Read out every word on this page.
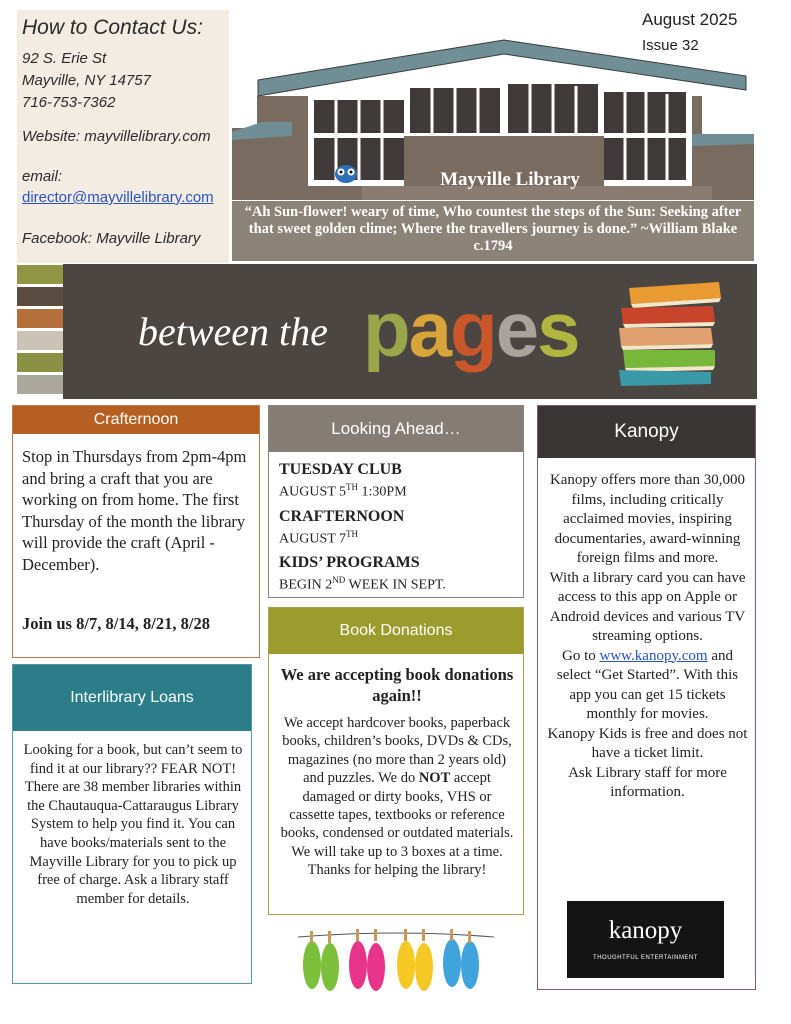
How to Contact Us:
92 S. Erie St
Mayville, NY 14757
716-753-7362
Website: mayvillelibrary.com
email:
director@mayvillelibrary.com
Facebook: Mayville Library
August 2025
Issue 32
Mayville Library
“Ah Sun-flower! weary of time, Who countest the steps of the Sun: Seeking after that sweet golden clime; Where the travellers journey is done.” ~William Blake c.1794
between the pages
Crafternoon
Stop in Thursdays from 2pm-4pm and bring a craft that you are working on from home. The first Thursday of the month the library will provide the craft (April - December).
Join us 8/7, 8/14, 8/21, 8/28
Interlibrary Loans
Looking for a book, but can’t seem to find it at our library?? FEAR NOT! There are 38 member libraries within the Chautauqua-Cattaraugus Library System to help you find it. You can have books/materials sent to the Mayville Library for you to pick up free of charge. Ask a library staff member for details.
Looking Ahead…
TUESDAY CLUB
AUGUST 5TH 1:30PM
CRAFTERNOON
AUGUST 7TH
KIDS’ PROGRAMS
BEGIN 2ND WEEK IN SEPT.
Book Donations
We are accepting book donations again!!
We accept hardcover books, paperback books, children’s books, DVDs & CDs, magazines (no more than 2 years old) and puzzles. We do NOT accept damaged or dirty books, VHS or cassette tapes, textbooks or reference books, condensed or outdated materials. We will take up to 3 boxes at a time. Thanks for helping the library!
Kanopy
Kanopy offers more than 30,000 films, including critically acclaimed movies, inspiring documentaries, award-winning foreign films and more.
With a library card you can have access to this app on Apple or Android devices and various TV streaming options.
Go to www.kanopy.com and select “Get Started”. With this app you can get 15 tickets monthly for movies.
Kanopy Kids is free and does not have a ticket limit.
Ask Library staff for more information.
kanopy
THOUGHTFUL ENTERTAINMENT
